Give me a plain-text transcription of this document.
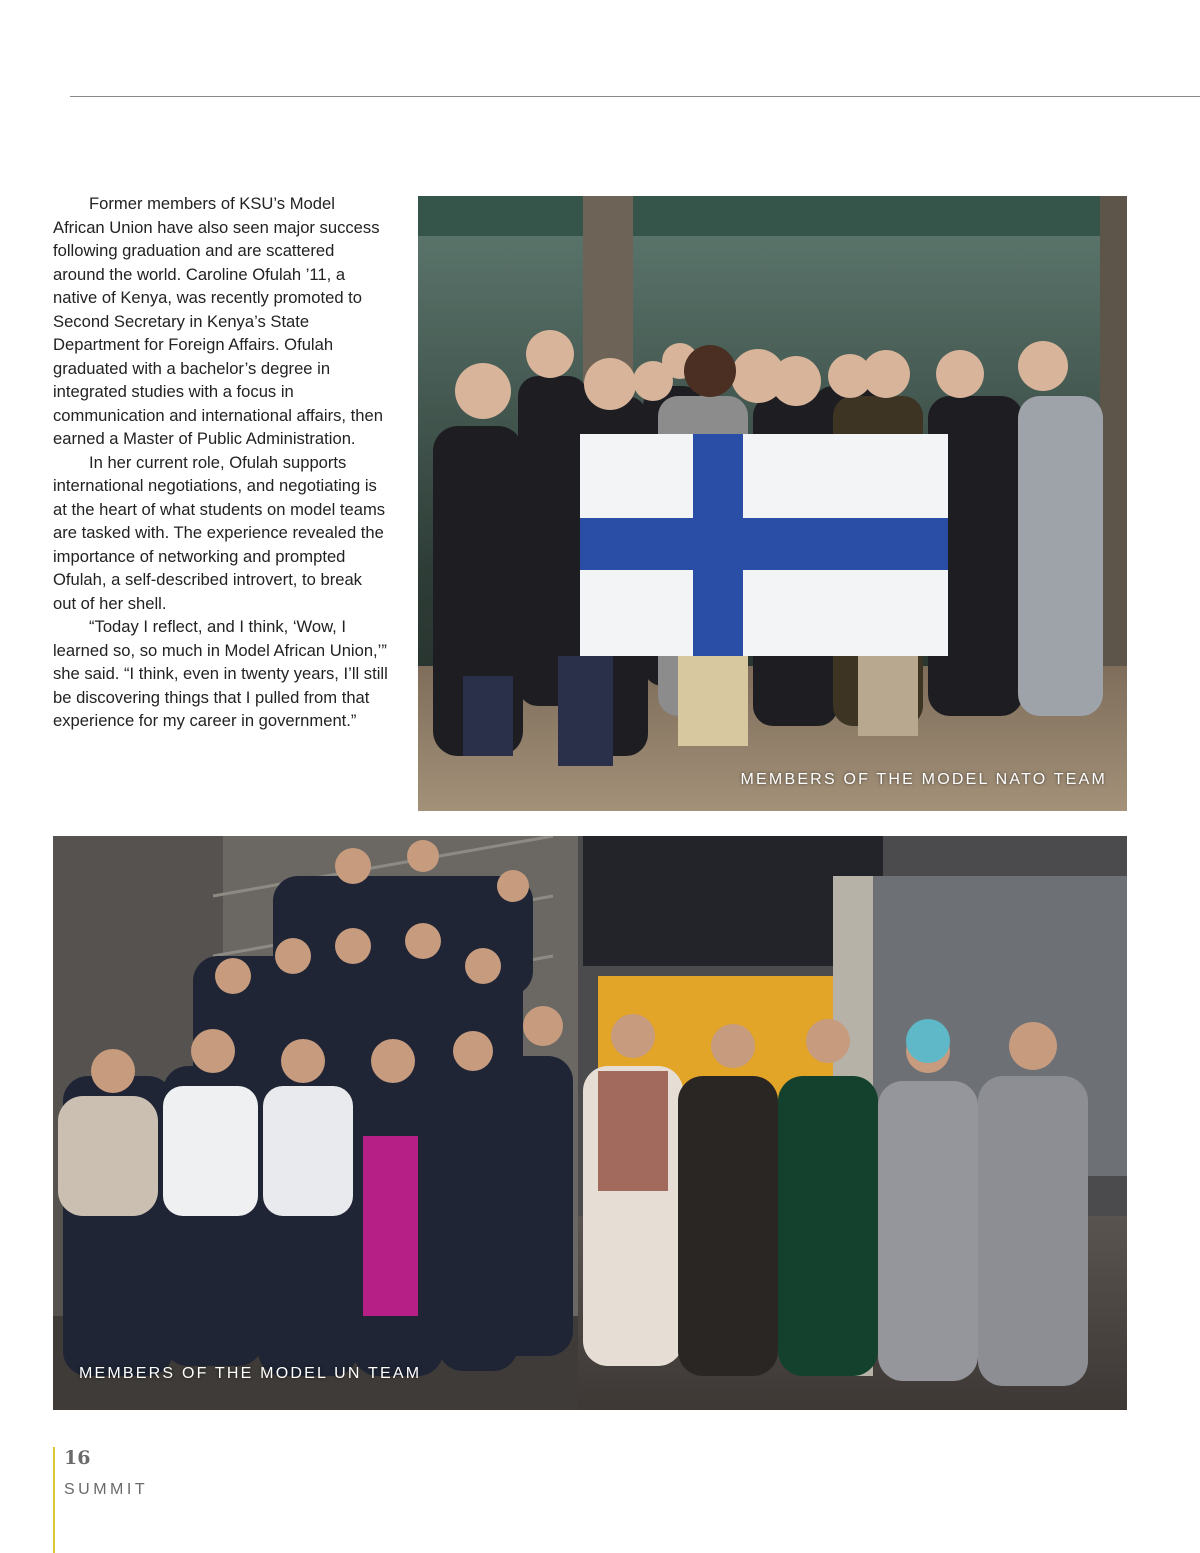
Former members of KSU’s Model African Union have also seen major success following graduation and are scattered around the world. Caroline Ofulah ’11, a native of Kenya, was recently promoted to Second Secretary in Kenya’s State Department for Foreign Affairs. Ofulah graduated with a bachelor’s degree in integrated studies with a focus in communication and international affairs, then earned a Master of Public Administration.

In her current role, Ofulah supports international negotiations, and negotiating is at the heart of what students on model teams are tasked with. The experience revealed the importance of networking and prompted Ofulah, a self-described introvert, to break out of her shell.

“Today I reflect, and I think, ‘Wow, I learned so, so much in Model African Union,’” she said. “I think, even in twenty years, I’ll still be discovering things that I pulled from that experience for my career in government.”

MEMBERS OF THE MODEL NATO TEAM
MEMBERS OF THE MODEL UN TEAM
16
SUMMIT
